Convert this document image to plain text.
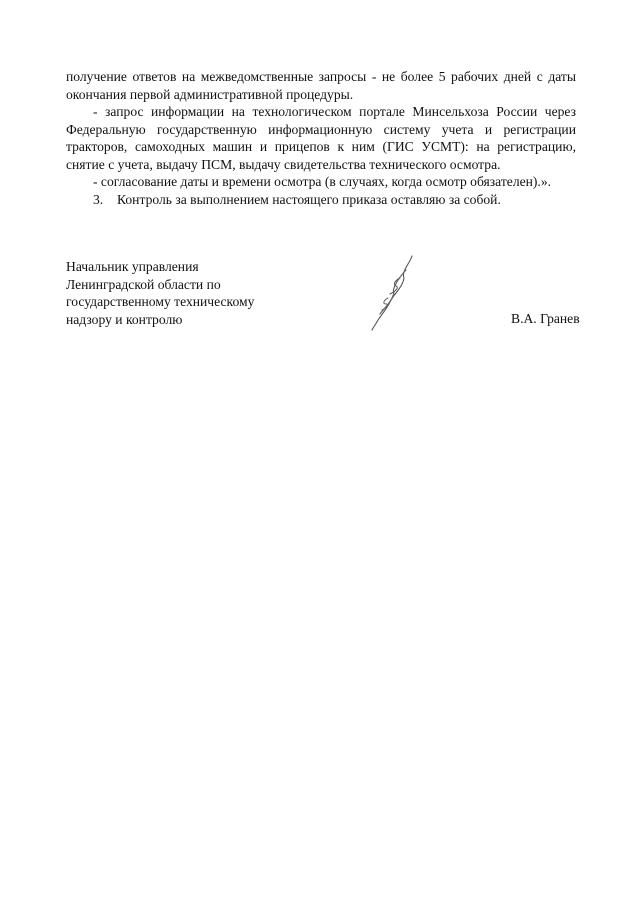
получение ответов на межведомственные запросы - не более 5 рабочих дней с даты окончания первой административной процедуры.

- запрос информации на технологическом портале Минсельхоза России через Федеральную государственную информационную систему учета и регистрации тракторов, самоходных машин и прицепов к ним (ГИС УСМТ): на регистрацию, снятие с учета, выдачу ПСМ, выдачу свидетельства технического осмотра.

- согласование даты и времени осмотра (в случаях, когда осмотр обязателен).».

3.	Контроль за выполнением настоящего приказа оставляю за собой.
Начальник управления
Ленинградской области по
государственному техническому
надзору и контролю	В.А. Гранев
